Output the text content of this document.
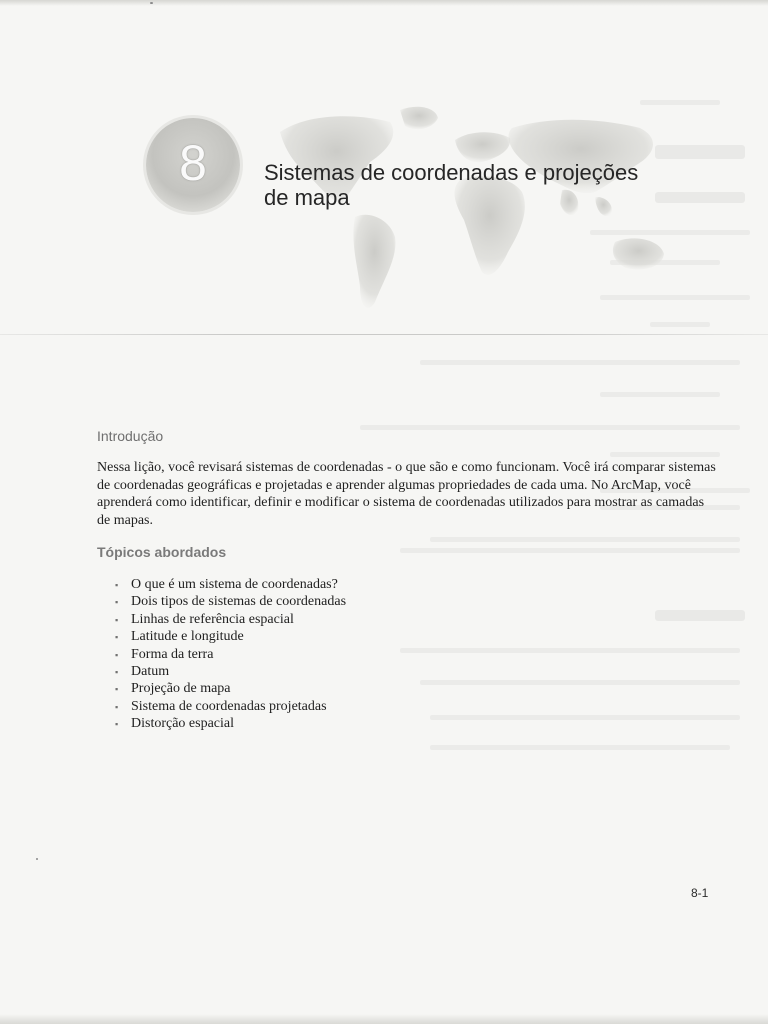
8	Sistemas de coordenadas e projeções de mapa
Introdução

Nessa lição, você revisará sistemas de coordenadas - o que são e como funcionam. Você irá comparar sistemas de coordenadas geográficas e projetadas e aprender algumas propriedades de cada uma. No ArcMap, você aprenderá como identificar, definir e modificar o sistema de coordenadas utilizados para mostrar as camadas de mapas.

Tópicos abordados
▪ O que é um sistema de coordenadas?
▪ Dois tipos de sistemas de coordenadas
▪ Linhas de referência espacial
▪ Latitude e longitude
▪ Forma da terra
▪ Datum
▪ Projeção de mapa
▪ Sistema de coordenadas projetadas
▪ Distorção espacial
8-1
